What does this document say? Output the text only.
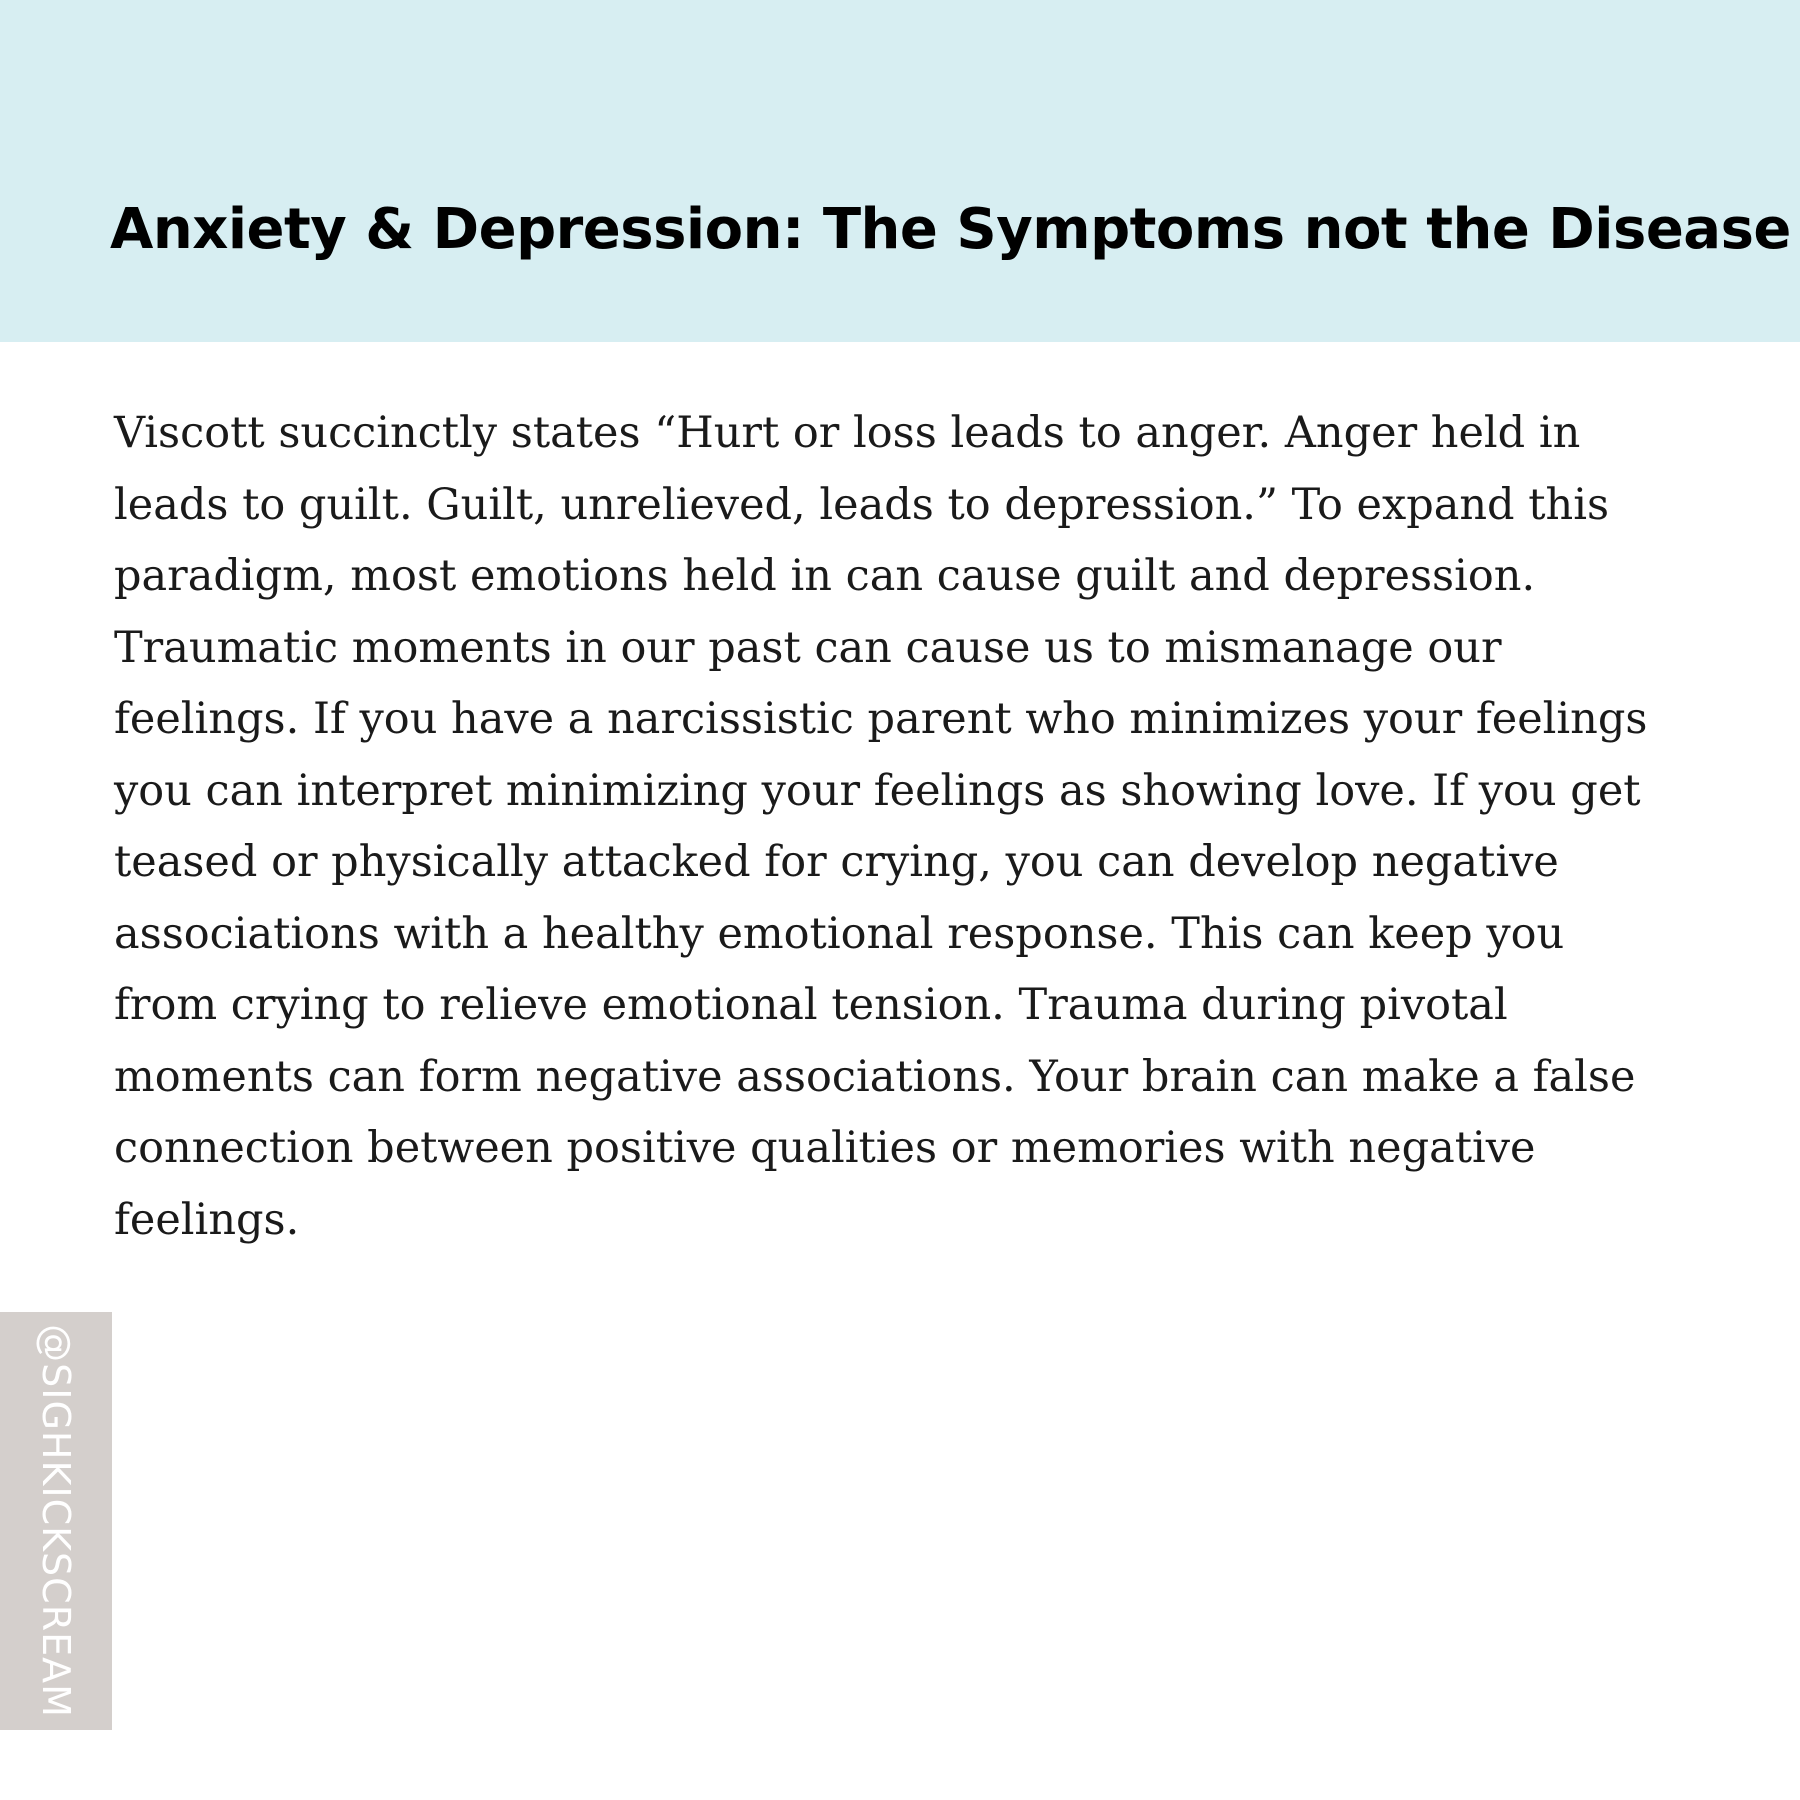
Anxiety & Depression: The Symptoms not the Disease
Viscott succinctly states “Hurt or loss leads to anger. Anger held in
leads to guilt. Guilt, unrelieved, leads to depression.” To expand this
paradigm, most emotions held in can cause guilt and depression.
Traumatic moments in our past can cause us to mismanage our
feelings. If you have a narcissistic parent who minimizes your feelings
you can interpret minimizing your feelings as showing love. If you get
teased or physically attacked for crying, you can develop negative
associations with a healthy emotional response. This can keep you
from crying to relieve emotional tension. Trauma during pivotal
moments can form negative associations. Your brain can make a false
connection between positive qualities or memories with negative
feelings.
@SIGHKICKSCREAM
